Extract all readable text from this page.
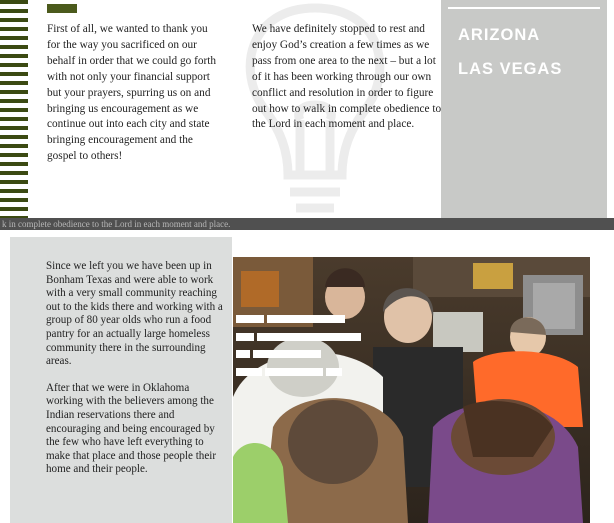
First of all, we wanted to thank you for the way you sacrificed on our behalf in order that we could go forth with not only your financial support but your prayers, spurring us on and bringing us encouragement as we continue out into each city and state bringing encouragement and the gospel to others!
We have definitely stopped to rest and enjoy God’s creation a few times as we pass from one area to the next – but a lot of it has been working through our own conflict and resolution in order to figure out how to walk in complete obedience to the Lord in each moment and place.
ARIZONA
LAS VEGAS
k in complete obedience to the Lord in each moment and place.

Since we left you we have been up in Bonham Texas and were able to work with a very small community reaching out to the kids there and working with a group of 80 year olds who run a food pantry for an actually large homeless community there in the surrounding areas.

After that we were in Oklahoma working with the believers among the Indian reservations there and encouraging and being encouraged by the few who have left everything to make that place and those people their home and their people.
